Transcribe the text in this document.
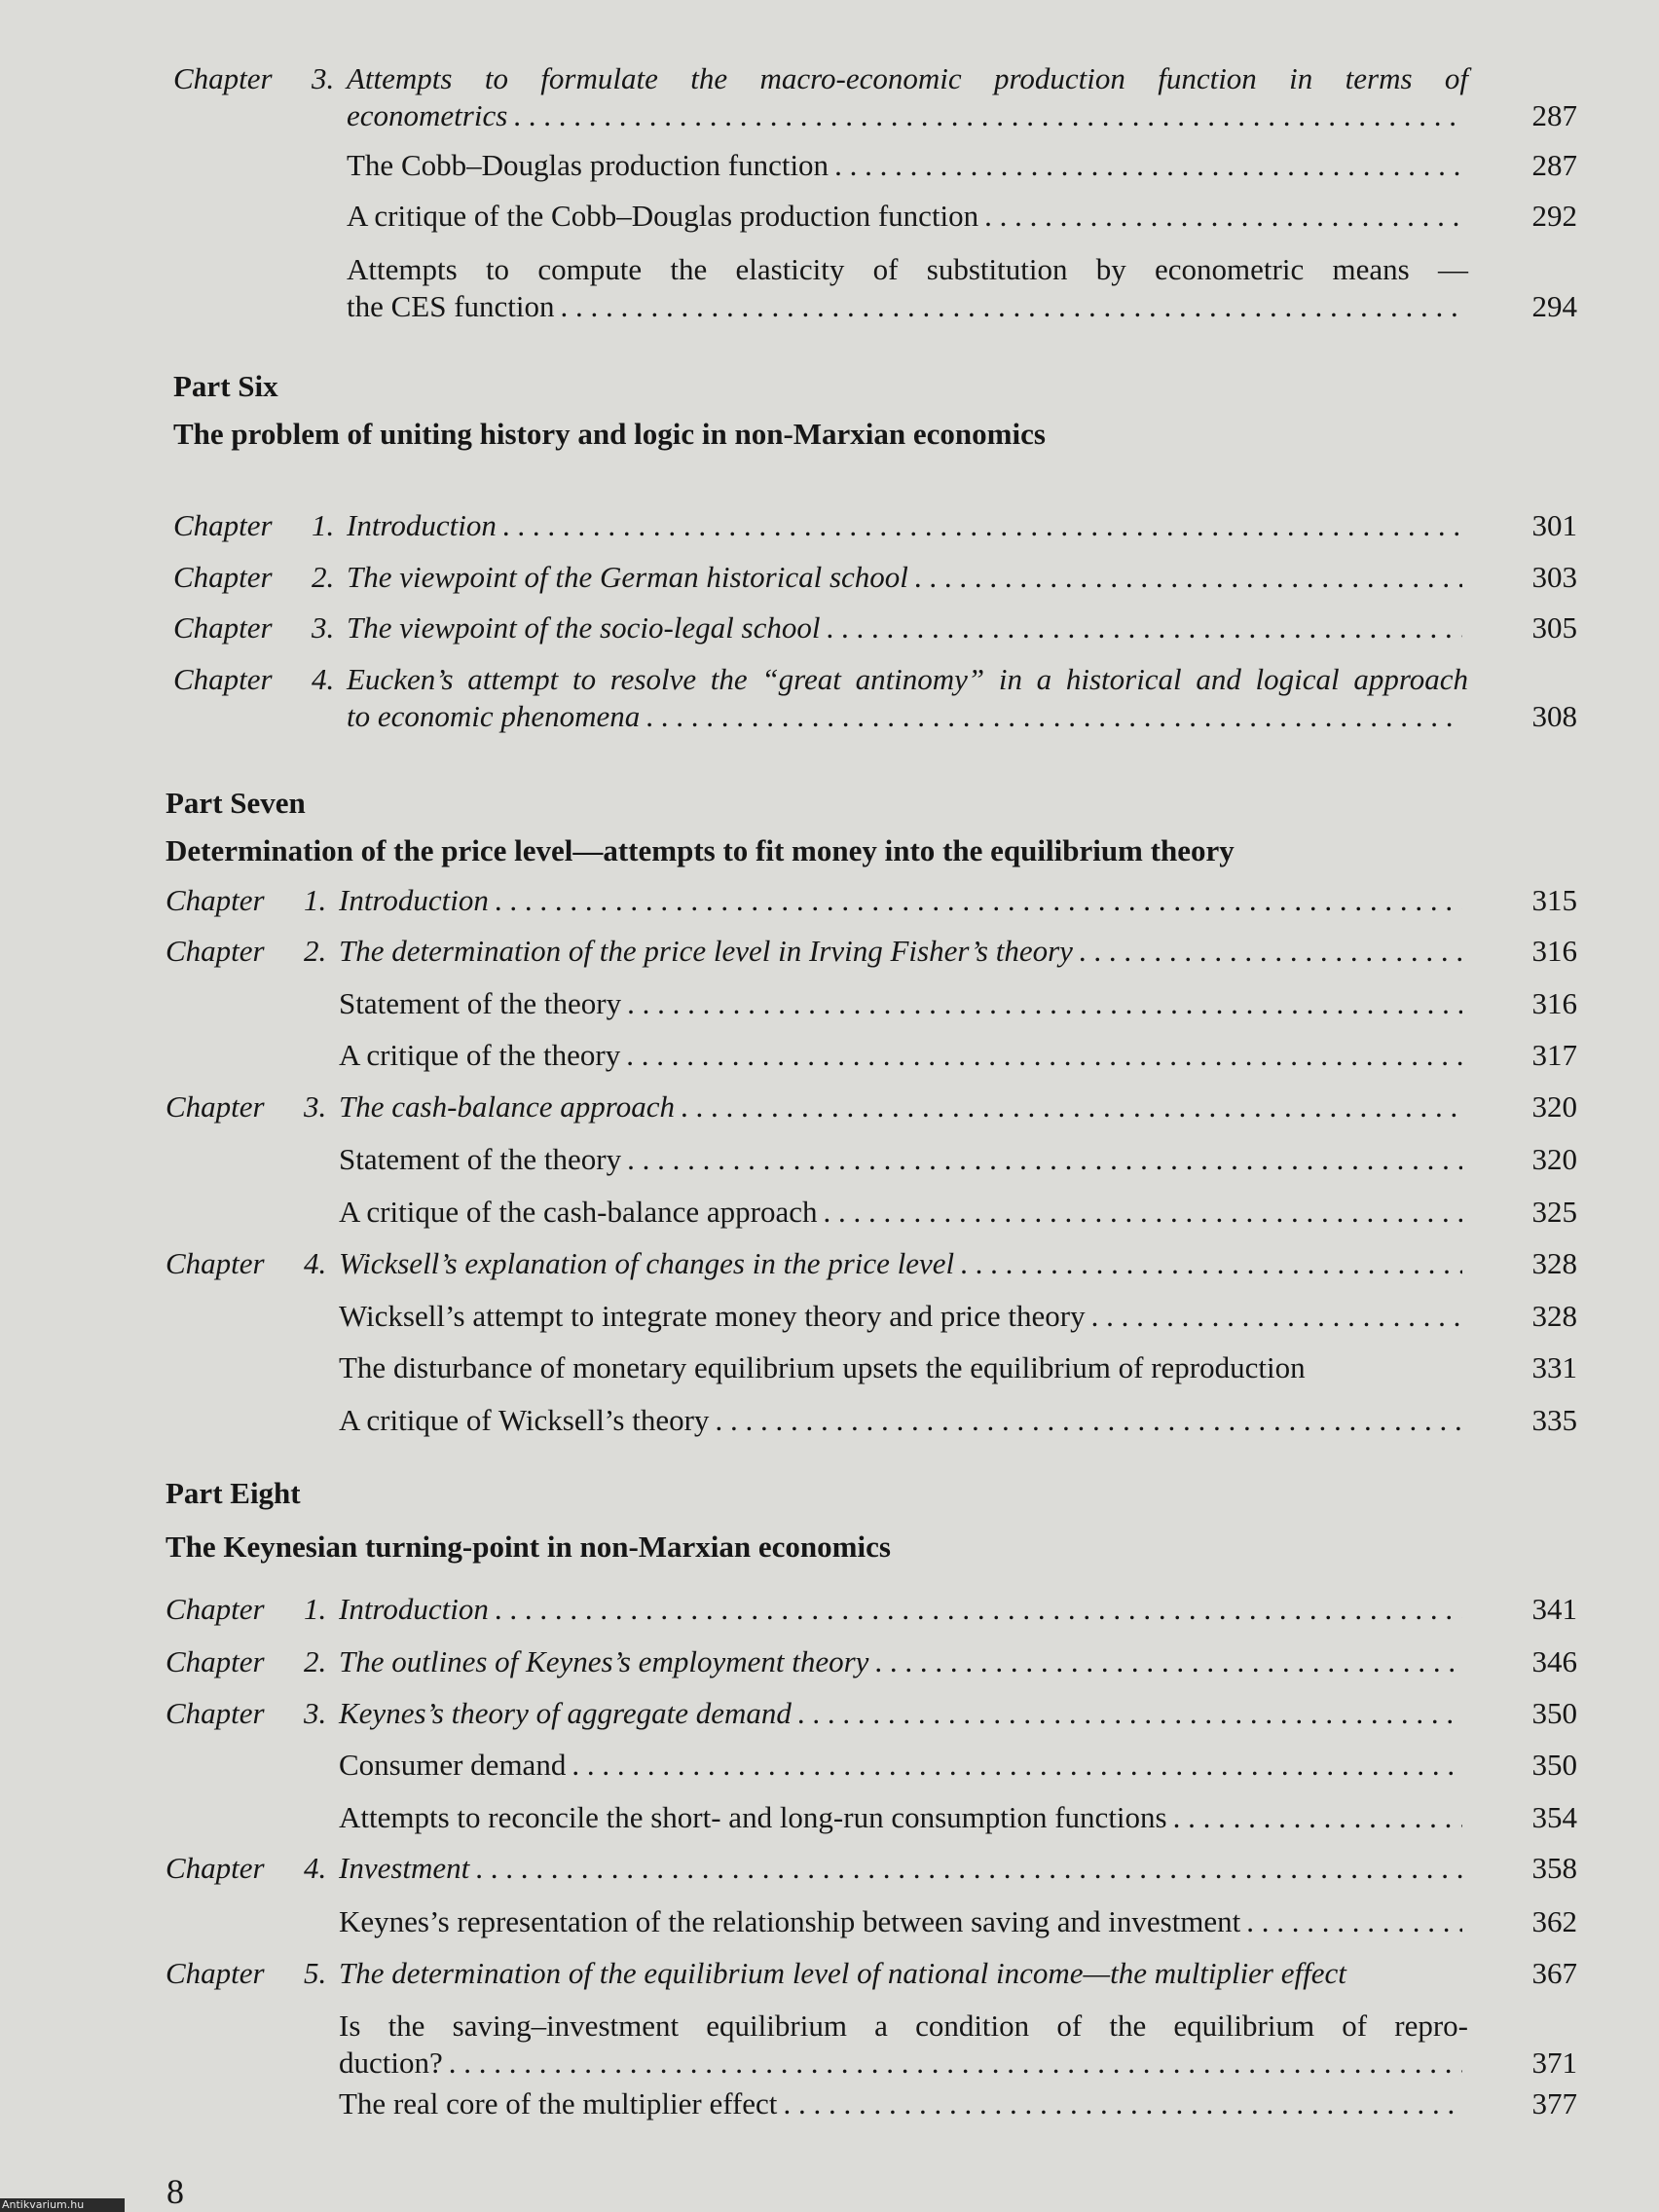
Chapter 3. Attempts to formulate the macro-economic production function in terms of
econometrics . . .	287
The Cobb–Douglas production function . . .	287
A critique of the Cobb–Douglas production function . . .	292
Attempts to compute the elasticity of substitution by econometric means —
the CES function . . .	294
Part Six
The problem of uniting history and logic in non-Marxian economics
Chapter	1. Introduction . . .	301
Chapter	2. The viewpoint of the German historical school . . .	303
Chapter	3. The viewpoint of the socio-legal school . . .	305
Chapter 4. Eucken’s attempt to resolve the “great antinomy” in a historical and logical approach
to economic phenomena . . .	308
Part Seven
Determination of the price level—attempts to fit money into the equilibrium theory
Chapter	1. Introduction . . .	315
Chapter	2. The determination of the price level in Irving Fisher’s theory . . .	316
Statement of the theory . . .	316
A critique of the theory . . .	317
Chapter	3. The cash-balance approach . . .	320
Statement of the theory . . .	320
A critique of the cash-balance approach . . .	325
Chapter	4. Wicksell’s explanation of changes in the price level . . .	328
Wicksell’s attempt to integrate money theory and price theory . . .	328
The disturbance of monetary equilibrium upsets the equilibrium of reproduction	331
A critique of Wicksell’s theory . . .	335
Part Eight
The Keynesian turning-point in non-Marxian economics
Chapter	1. Introduction . . .	341
Chapter	2. The outlines of Keynes’s employment theory . . .	346
Chapter	3. Keynes’s theory of aggregate demand . . .	350
Consumer demand . . .	350
Attempts to reconcile the short- and long-run consumption functions . . .	354
Chapter	4. Investment . . .	358
Keynes’s representation of the relationship between saving and investment . . .	362
Chapter	5. The determination of the equilibrium level of national income—the multiplier effect	367
Is the saving–investment equilibrium a condition of the equilibrium of repro-
duction? . . .	371
The real core of the multiplier effect . . .	377
8
Antikvarium.hu
